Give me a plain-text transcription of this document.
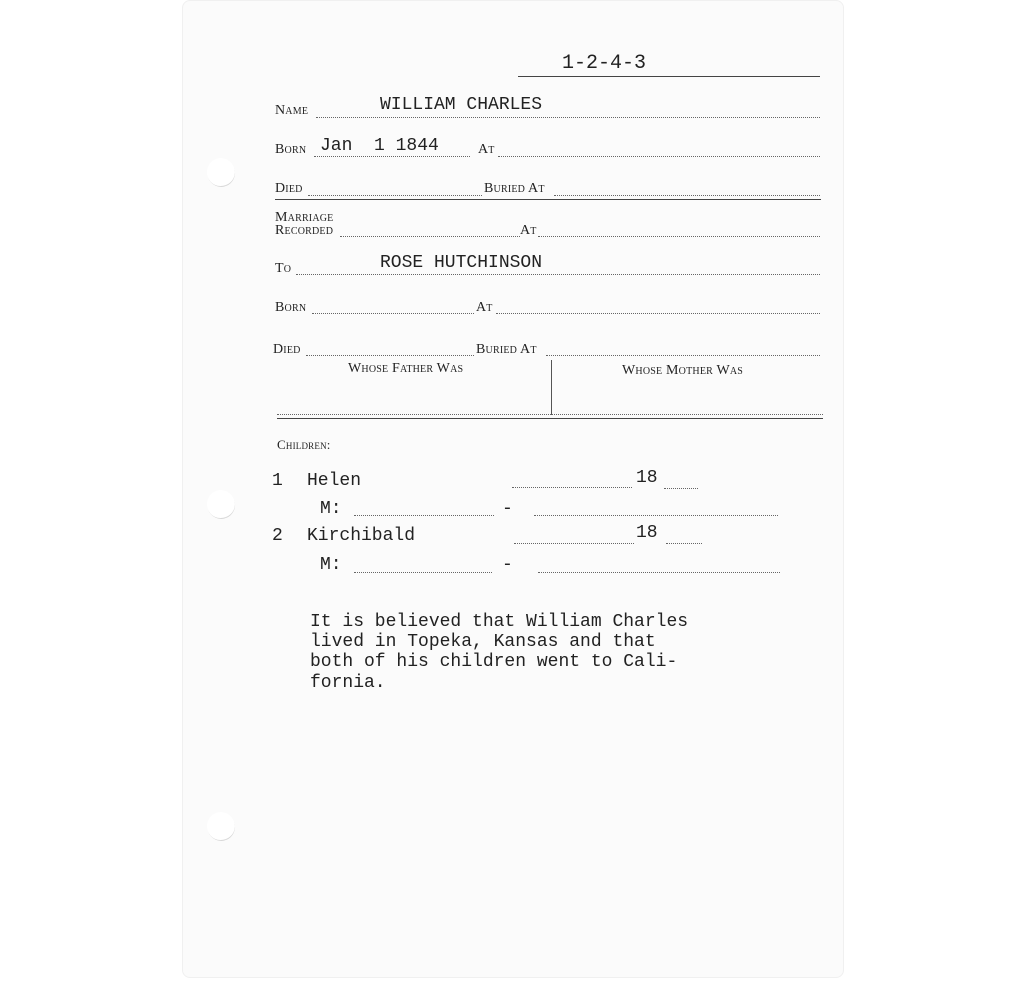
1-2-4-3
Name	WILLIAM CHARLES
Born Jan  1 1844	At
Died	Buried At
Marriage
Recorded	At
To	ROSE HUTCHINSON
Born	At
Died	Buried At
Whose Father Was	Whose Mother Was
Children:
1 Helen	18
M:	-
2 Kirchibald	18
M:	-
It is believed that William Charles
lived in Topeka, Kansas and that
both of his children went to Cali-
fornia.
